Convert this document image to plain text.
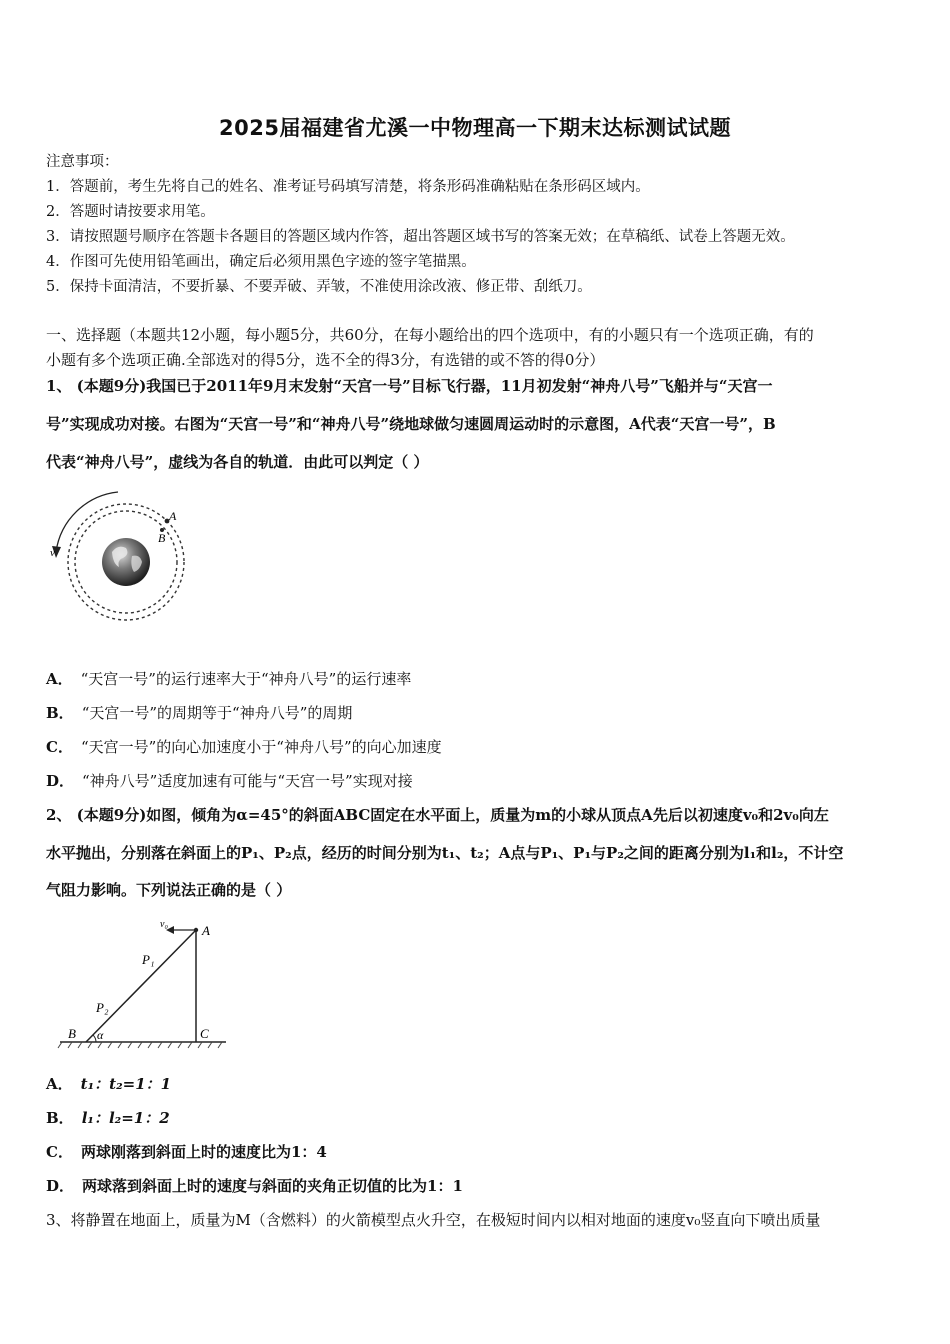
2025届福建省尤溪一中物理高一下期末达标测试试题
注意事项：
1．答题前，考生先将自己的姓名、准考证号码填写清楚，将条形码准确粘贴在条形码区域内。
2．答题时请按要求用笔。
3．请按照题号顺序在答题卡各题目的答题区域内作答，超出答题区域书写的答案无效；在草稿纸、试卷上答题无效。
4．作图可先使用铅笔画出，确定后必须用黑色字迹的签字笔描黑。
5．保持卡面清洁，不要折暴、不要弄破、弄皱，不准使用涂改液、修正带、刮纸刀。
一、选择题（本题共12小题，每小题5分，共60分，在每小题给出的四个选项中，有的小题只有一个选项正确，有的
小题有多个选项正确.全部选对的得5分，选不全的得3分，有选错的或不答的得0分）
1、 (本题9分)我国已于2011年9月末发射“天宫一号”目标飞行器，11月初发射“神舟八号”飞船并与“天宫一
号”实现成功对接。右图为“天宫一号”和“神舟八号”绕地球做匀速圆周运动时的示意图，A代表“天宫一号”，B
代表“神舟八号”，虚线为各自的轨道．由此可以判定（ ）
A
B
v
A． “天宫一号”的运行速率大于“神舟八号”的运行速率
B． “天宫一号”的周期等于“神舟八号”的周期
C． “天宫一号”的向心加速度小于“神舟八号”的向心加速度
D． “神舟八号”适度加速有可能与“天宫一号”实现对接
2、 (本题9分)如图，倾角为α=45°的斜面ABC固定在水平面上，质量为m的小球从顶点A先后以初速度v₀和2v₀向左
水平抛出，分别落在斜面上的P₁、P₂点，经历的时间分别为t₁、t₂；A点与P₁、P₁与P₂之间的距离分别为l₁和l₂，不计空
气阻力影响。下列说法正确的是（ ）
v₀	A
P₁
P₂
B α	C
A． t₁：t₂=1：1
B． l₁：l₂=1：2
C． 两球刚落到斜面上时的速度比为1：4
D． 两球落到斜面上时的速度与斜面的夹角正切值的比为1：1
3、将静置在地面上，质量为M（含燃料）的火箭模型点火升空，在极短时间内以相对地面的速度v₀竖直向下喷出质量
